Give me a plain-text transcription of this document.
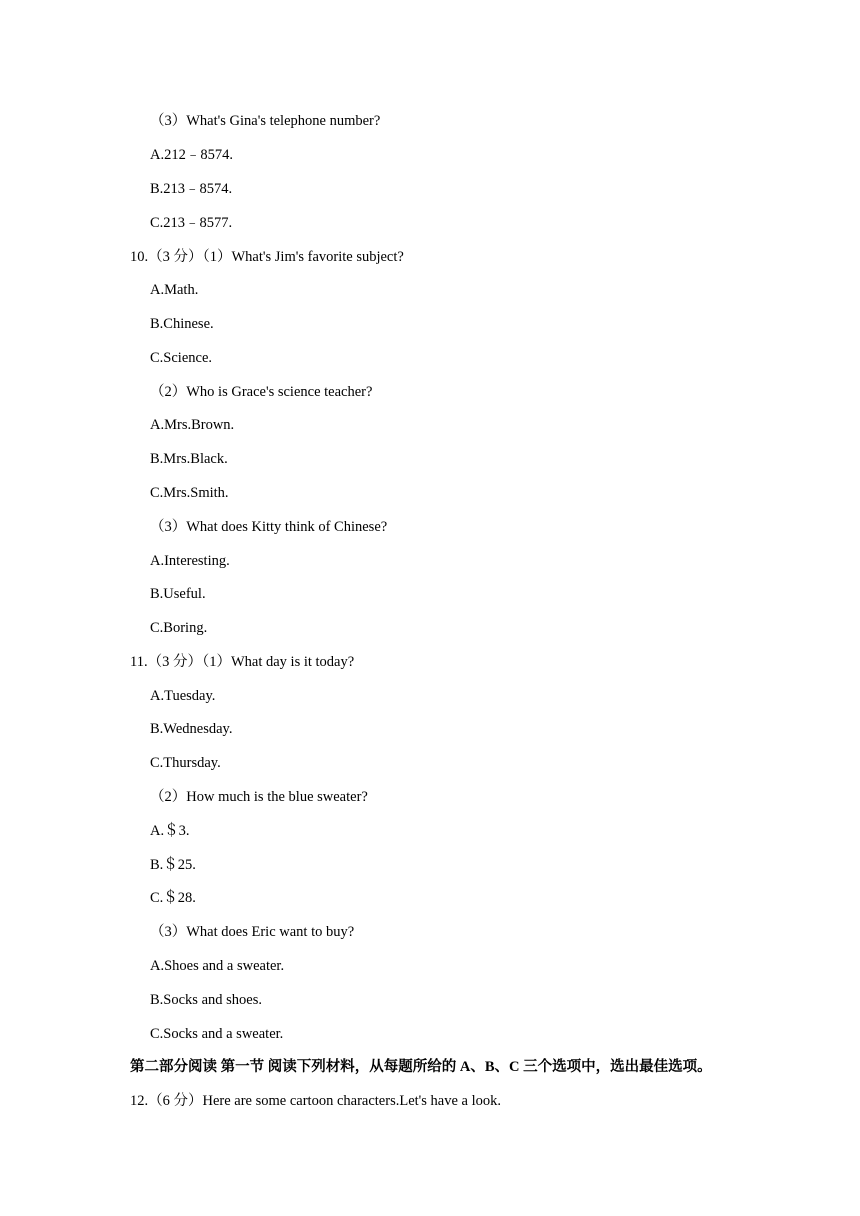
（3）What's Gina's telephone number?
A.212﹣8574.
B.213﹣8574.
C.213﹣8577.
10.（3 分）（1）What's Jim's favorite subject?
A.Math.
B.Chinese.
C.Science.
（2）Who is Grace's science teacher?
A.Mrs.Brown.
B.Mrs.Black.
C.Mrs.Smith.
（3）What does Kitty think of Chinese?
A.Interesting.
B.Useful.
C.Boring.
11.（3 分）（1）What day is it today?
A.Tuesday.
B.Wednesday.
C.Thursday.
（2）How much is the blue sweater?
A.＄3.
B.＄25.
C.＄28.
（3）What does Eric want to buy?
A.Shoes and a sweater.
B.Socks and shoes.
C.Socks and a sweater.
第二部分阅读 第一节 阅读下列材料，从每题所给的 A、B、C 三个选项中，选出最佳选项。
12.（6 分）Here are some cartoon characters.Let's have a look.
